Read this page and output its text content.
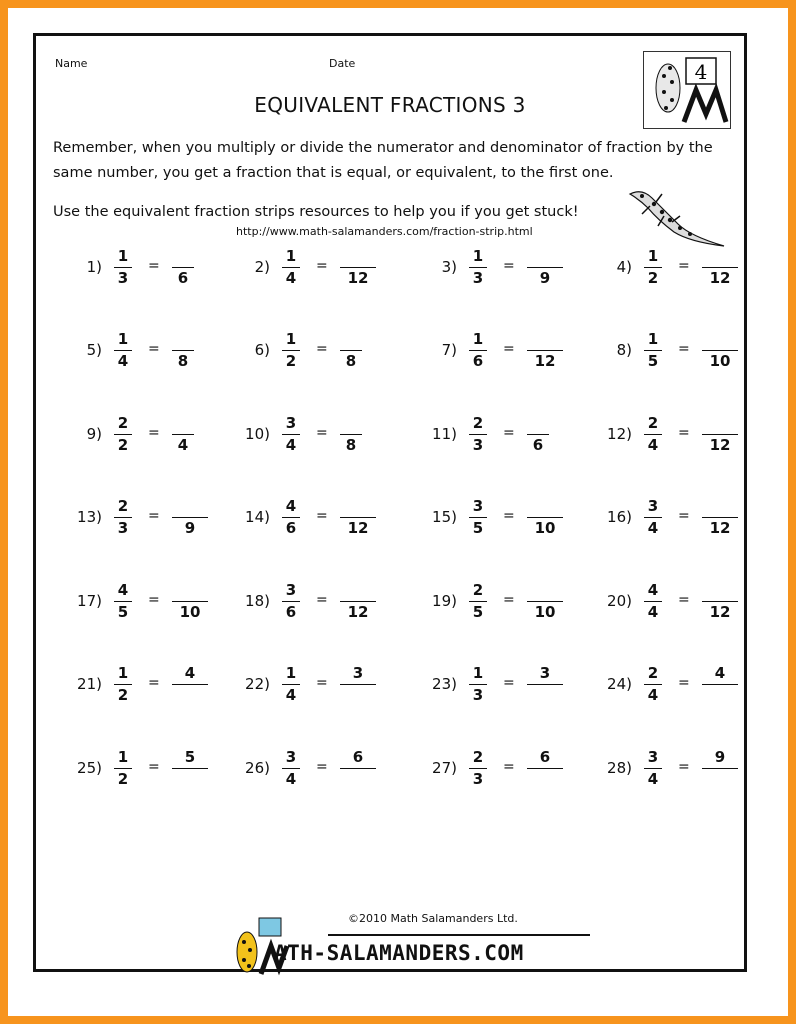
Name	Date
EQUIVALENT FRACTIONS 3
4
Remember, when you multiply or divide the numerator and denominator of fraction by the
same number, you get a fraction that is equal, or equivalent, to the first one.
Use the equivalent fraction strips resources to help you if you get stuck!
http://www.math-salamanders.com/fraction-strip.html
1)
1
3
=
6
2)
1
4
=
12
3)
1
3
=
9
4)
1
2
=
12
5)
1
4
=
8
6)
1
2
=
8
7)
1
6
=
12
8)
1
5
=
10
9)
2
2
=
4
10)
3
4
=
8
11)
2
3
=
6
12)
2
4
=
12
13)
2
3
=
9
14)
4
6
=
12
15)
3
5
=
10
16)
3
4
=
12
17)
4
5
=
10
18)
3
6
=
12
19)
2
5
=
10
20)
4
4
=
12
21)
1
2
=
4
22)
1
4
=
3
23)
1
3
=
3
24)
2
4
=
4
25)
1
2
=
5
26)
3
4
=
6
27)
2
3
=
6
28)
3
4
=
9
©2010 Math Salamanders Ltd.
ATH-SALAMANDERS.COM
